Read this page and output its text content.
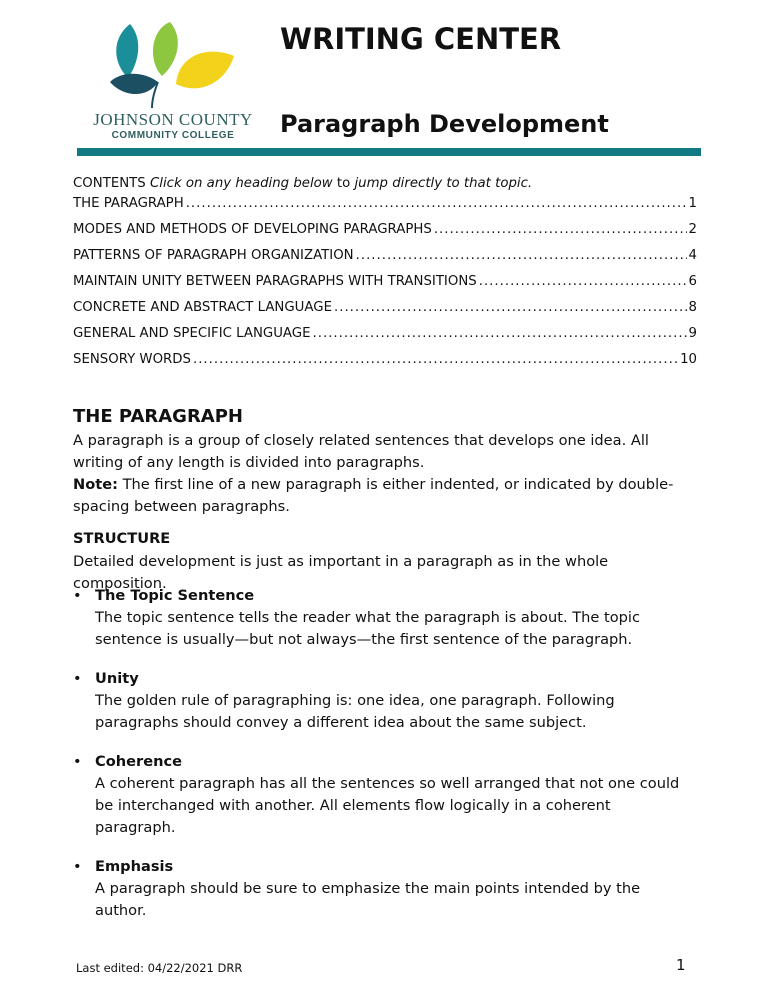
JOHNSON COUNTY
COMMUNITY COLLEGE
WRITING CENTER
Paragraph Development
CONTENTS Click on any heading below to jump directly to that topic.
THE PARAGRAPH .....	1
MODES AND METHODS OF DEVELOPING PARAGRAPHS .....	2
PATTERNS OF PARAGRAPH ORGANIZATION .....	4
MAINTAIN UNITY BETWEEN PARAGRAPHS WITH TRANSITIONS .....	6
CONCRETE AND ABSTRACT LANGUAGE .....	8
GENERAL AND SPECIFIC LANGUAGE .....	9
SENSORY WORDS .....	10
THE PARAGRAPH
A paragraph is a group of closely related sentences that develops one idea. All writing of any length is divided into paragraphs.
Note: The first line of a new paragraph is either indented, or indicated by double-spacing between paragraphs.
STRUCTURE
Detailed development is just as important in a paragraph as in the whole composition.
• The Topic Sentence
The topic sentence tells the reader what the paragraph is about. The topic sentence is usually—but not always—the first sentence of the paragraph.
• Unity
The golden rule of paragraphing is: one idea, one paragraph. Following paragraphs should convey a different idea about the same subject.
• Coherence
A coherent paragraph has all the sentences so well arranged that not one could be interchanged with another. All elements flow logically in a coherent paragraph.
• Emphasis
A paragraph should be sure to emphasize the main points intended by the author.
Last edited: 04/22/2021 DRR	1
